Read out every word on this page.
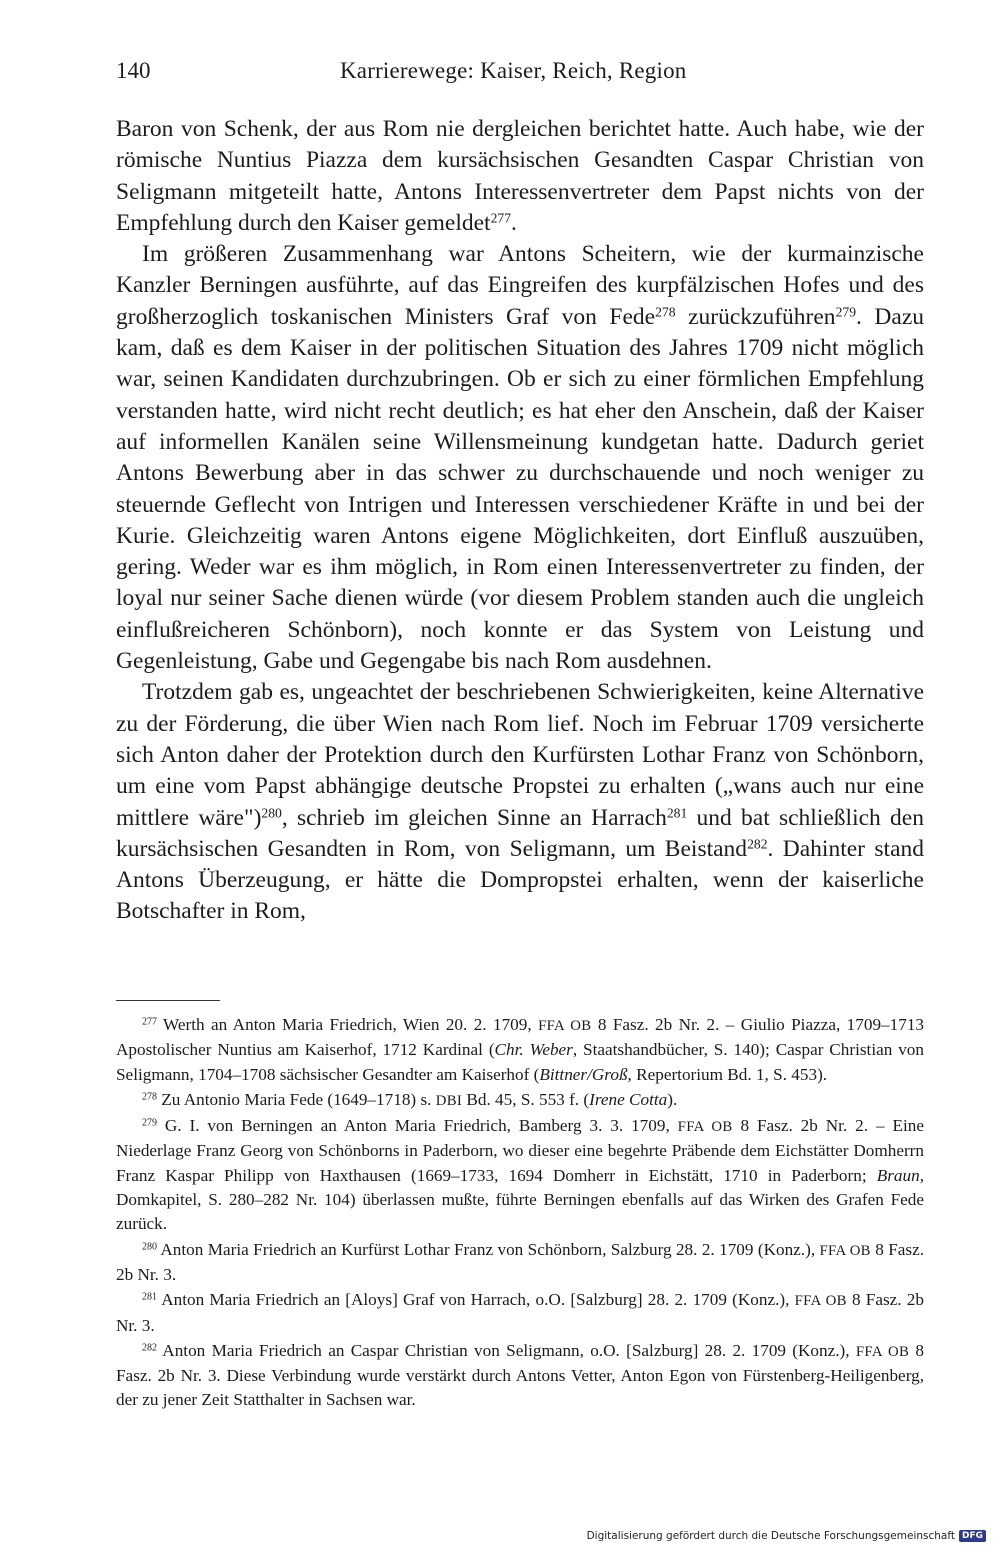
140	Karrierewege: Kaiser, Reich, Region

Baron von Schenk, der aus Rom nie dergleichen berichtet hatte. Auch habe, wie der römische Nuntius Piazza dem kursächsischen Gesandten Caspar Christian von Seligmann mitgeteilt hatte, Antons Interessenvertreter dem Papst nichts von der Empfehlung durch den Kaiser gemeldet$^{277}$.

Im größeren Zusammenhang war Antons Scheitern, wie der kurmainzische Kanzler Berningen ausführte, auf das Eingreifen des kurpfälzischen Hofes und des großherzoglich toskanischen Ministers Graf von Fede$^{278}$ zurückzuführen$^{279}$. Dazu kam, daß es dem Kaiser in der politischen Situation des Jahres 1709 nicht möglich war, seinen Kandidaten durchzubringen. Ob er sich zu einer förmlichen Empfehlung verstanden hatte, wird nicht recht deutlich; es hat eher den Anschein, daß der Kaiser auf informellen Kanälen seine Willensmeinung kundgetan hatte. Dadurch geriet Antons Bewerbung aber in das schwer zu durchschauende und noch weniger zu steuernde Geflecht von Intrigen und Interessen verschiedener Kräfte in und bei der Kurie. Gleichzeitig waren Antons eigene Möglichkeiten, dort Einfluß auszuüben, gering. Weder war es ihm möglich, in Rom einen Interessenvertreter zu finden, der loyal nur seiner Sache dienen würde (vor diesem Problem standen auch die ungleich einflußreicheren Schönborn), noch konnte er das System von Leistung und Gegenleistung, Gabe und Gegengabe bis nach Rom ausdehnen.

Trotzdem gab es, ungeachtet der beschriebenen Schwierigkeiten, keine Alternative zu der Förderung, die über Wien nach Rom lief. Noch im Februar 1709 versicherte sich Anton daher der Protektion durch den Kurfürsten Lothar Franz von Schönborn, um eine vom Papst abhängige deutsche Propstei zu erhalten („wans auch nur eine mittlere wäre")$^{280}$, schrieb im gleichen Sinne an Harrach$^{281}$ und bat schließlich den kursächsischen Gesandten in Rom, von Seligmann, um Beistand$^{282}$. Dahinter stand Antons Überzeugung, er hätte die Dompropstei erhalten, wenn der kaiserliche Botschafter in Rom,

$^{277}$ Werth an Anton Maria Friedrich, Wien 20. 2. 1709, FFA OB 8 Fasz. 2b Nr. 2. – Giulio Piazza, 1709–1713 Apostolischer Nuntius am Kaiserhof, 1712 Kardinal (Chr. Weber, Staatshandbücher, S. 140); Caspar Christian von Seligmann, 1704–1708 sächsischer Gesandter am Kaiserhof (Bittner/Groß, Repertorium Bd. 1, S. 453).

$^{278}$ Zu Antonio Maria Fede (1649–1718) s. DBI Bd. 45, S. 553 f. (Irene Cotta).

$^{279}$ G. I. von Berningen an Anton Maria Friedrich, Bamberg 3. 3. 1709, FFA OB 8 Fasz. 2b Nr. 2. – Eine Niederlage Franz Georg von Schönborns in Paderborn, wo dieser eine begehrte Präbende dem Eichstätter Domherrn Franz Kaspar Philipp von Haxthausen (1669–1733, 1694 Domherr in Eichstätt, 1710 in Paderborn; Braun, Domkapitel, S. 280–282 Nr. 104) überlassen mußte, führte Berningen ebenfalls auf das Wirken des Grafen Fede zurück.

$^{280}$ Anton Maria Friedrich an Kurfürst Lothar Franz von Schönborn, Salzburg 28. 2. 1709 (Konz.), FFA OB 8 Fasz. 2b Nr. 3.

$^{281}$ Anton Maria Friedrich an [Aloys] Graf von Harrach, o.O. [Salzburg] 28. 2. 1709 (Konz.), FFA OB 8 Fasz. 2b Nr. 3.

$^{282}$ Anton Maria Friedrich an Caspar Christian von Seligmann, o.O. [Salzburg] 28. 2. 1709 (Konz.), FFA OB 8 Fasz. 2b Nr. 3. Diese Verbindung wurde verstärkt durch Antons Vetter, Anton Egon von Fürstenberg-Heiligenberg, der zu jener Zeit Statthalter in Sachsen war.

Digitalisierung gefördert durch die Deutsche Forschungsgemeinschaft DFG
